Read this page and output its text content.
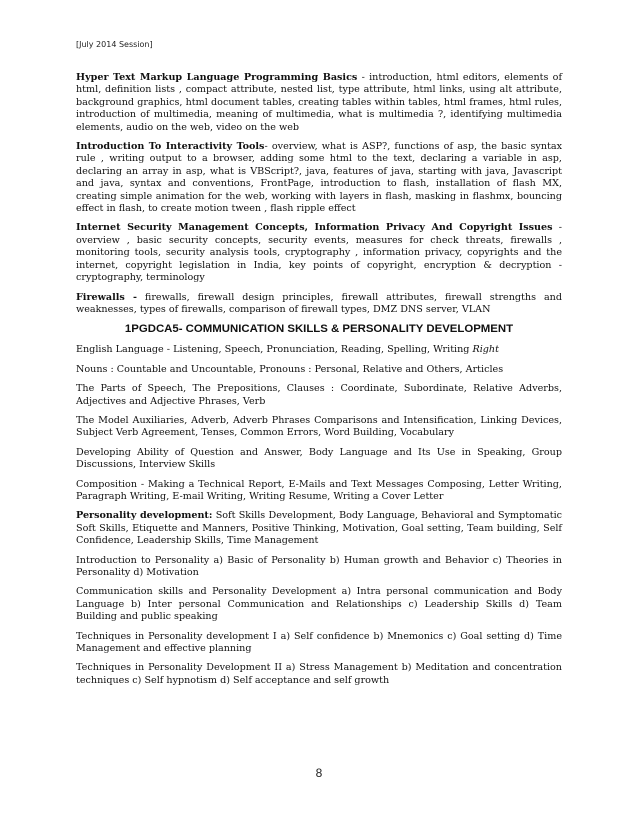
[July 2014 Session]

Hyper Text Markup Language Programming Basics - introduction, html editors, elements of html, definition lists , compact attribute, nested list, type attribute, html links, using alt attribute, background graphics, html document tables, creating tables within tables, html frames, html rules, introduction of multimedia, meaning of multimedia, what is multimedia ?, identifying multimedia elements, audio on the web, video on the web

Introduction To Interactivity Tools- overview, what is ASP?, functions of asp, the basic syntax rule , writing output to a browser, adding some html to the text, declaring a variable in asp, declaring an array in asp, what is VBScript?, java, features of java, starting with java, Javascript and java, syntax and conventions, FrontPage, introduction to flash, installation of flash MX, creating simple animation for the web, working with layers in flash, masking in flashmx, bouncing effect in flash, to create motion tween , flash ripple effect

Internet Security Management Concepts, Information Privacy And Copyright Issues - overview , basic security concepts, security events, measures for check threats, firewalls , monitoring tools, security analysis tools, cryptography , information privacy, copyrights and the internet, copyright legislation in India, key points of copyright, encryption & decryption - cryptography, terminology

Firewalls - firewalls, firewall design principles, firewall attributes, firewall strengths and weaknesses, types of firewalls, comparison of firewall types, DMZ DNS server, VLAN

1PGDCA5- COMMUNICATION SKILLS & PERSONALITY DEVELOPMENT

English Language - Listening, Speech, Pronunciation, Reading, Spelling, Writing Right

Nouns : Countable and Uncountable, Pronouns : Personal, Relative and Others, Articles

The Parts of Speech, The Prepositions, Clauses : Coordinate, Subordinate, Relative Adverbs, Adjectives and Adjective Phrases, Verb

The Model Auxiliaries, Adverb, Adverb Phrases Comparisons and Intensification, Linking Devices, Subject Verb Agreement, Tenses, Common Errors, Word Building, Vocabulary

Developing Ability of Question and Answer, Body Language and Its Use in Speaking, Group Discussions, Interview Skills

Composition - Making a Technical Report, E-Mails and Text Messages Composing, Letter Writing, Paragraph Writing, E-mail Writing, Writing Resume, Writing a Cover Letter

Personality development: Soft Skills Development, Body Language, Behavioral and Symptomatic Soft Skills, Etiquette and Manners, Positive Thinking, Motivation, Goal setting, Team building, Self Confidence, Leadership Skills, Time Management

Introduction to Personality a) Basic of Personality b) Human growth and Behavior c) Theories in Personality d) Motivation

Communication skills and Personality Development a) Intra personal communication and Body Language b) Inter personal Communication and Relationships c) Leadership Skills d) Team Building and public speaking

Techniques in Personality development I a) Self confidence b) Mnemonics c) Goal setting d) Time Management and effective planning

Techniques in Personality Development II a) Stress Management b) Meditation and concentration techniques c) Self hypnotism d) Self acceptance and self growth

8
